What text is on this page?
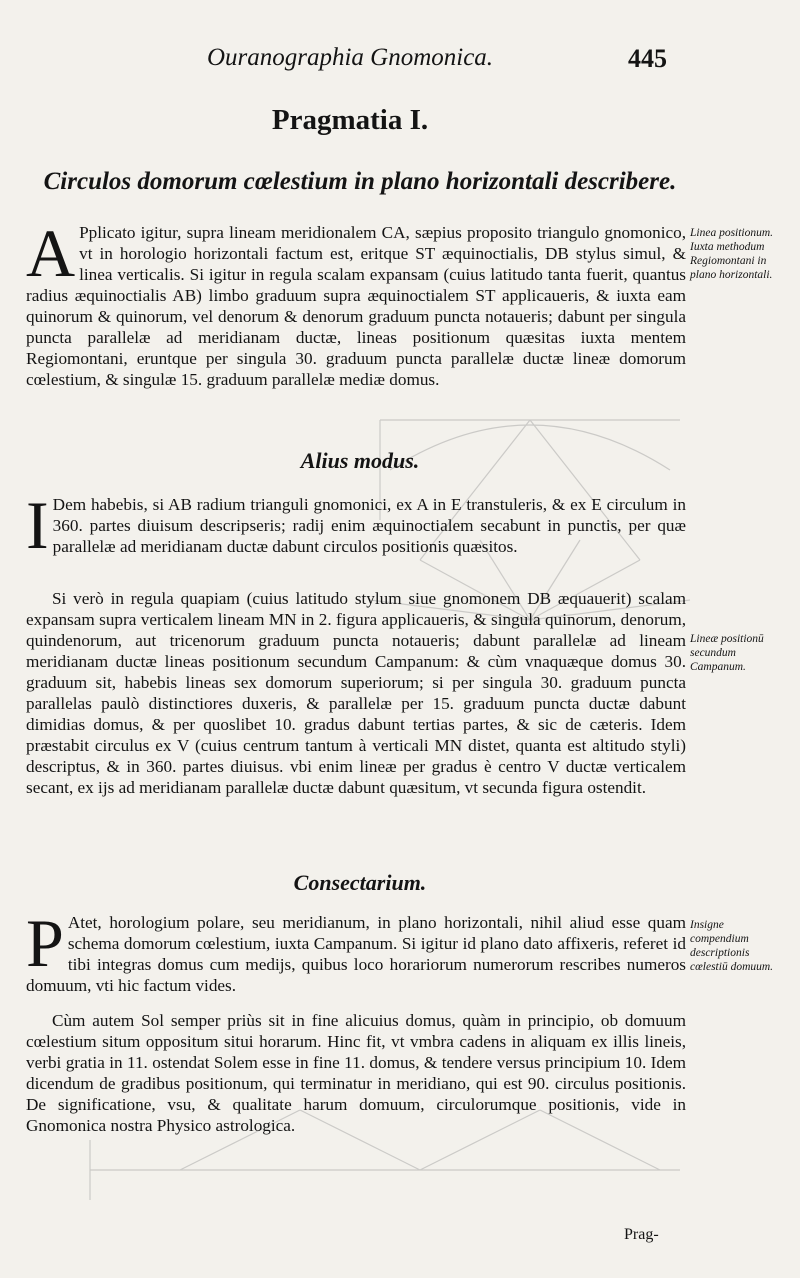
Ouranographia Gnomonica.	445
Pragmatia I.
Circulos domorum cœlestium in plano horizontali describere.

A Pplicato igitur, supra lineam meridionalem CA, sæpius proposito triangulo gnomonico, vt in horologio horizontali factum est, eritque ST æquinoctialis, DB stylus simul, & linea verticalis. Si igitur in regula scalam expansam (cuius latitudo tanta fuerit, quantus radius æquinoctialis AB) limbo graduum supra æquinoctialem ST applicaueris, & iuxta eam quinorum & quinorum, vel denorum & denorum graduum puncta notaueris; dabunt per singula puncta parallelæ ad meridianam ductæ, lineas positionum quæsitas iuxta mentem Regiomontani, eruntque per singula 30. graduum puncta parallelæ ductæ lineæ domorum cœlestium, & singulæ 15. graduum parallelæ mediæ domus.

Alius modus.

I Dem habebis, si AB radium trianguli gnomonici, ex A in E transtuleris, & ex E circulum in 360. partes diuisum descripseris; radij enim æquinoctialem secabunt in punctis, per quæ parallelæ ad meridianam ductæ dabunt circulos positionis quæsitos.

Si verò in regula quapiam (cuius latitudo stylum siue gnomonem DB æquauerit) scalam expansam supra verticalem lineam MN in 2. figura applicaueris, & singula quinorum, denorum, quindenorum, aut tricenorum graduum puncta notaueris; dabunt parallelæ ad lineam meridianam ductæ lineas positionum secundum Campanum: & cùm vnaquæque domus 30. graduum sit, habebis lineas sex domorum superiorum; si per singula 30. graduum puncta parallelas paulò distinctiores duxeris, & parallelæ per 15. graduum puncta ductæ dabunt dimidias domus, & per quoslibet 10. gradus dabunt tertias partes, & sic de cæteris. Idem præstabit circulus ex V (cuius centrum tantum à verticali MN distet, quanta est altitudo styli) descriptus, & in 360. partes diuisus. vbi enim lineæ per gradus è centro V ductæ verticalem secant, ex ijs ad meridianam parallelæ ductæ dabunt quæsitum, vt secunda figura ostendit.

Consectarium.

P Atet, horologium polare, seu meridianum, in plano horizontali, nihil aliud esse quam schema domorum cœlestium, iuxta Campanum. Si igitur id plano dato affixeris, referet id tibi integras domus cum medijs, quibus loco horariorum numerorum rescribes numeros domuum, vti hic factum vides.

Cùm autem Sol semper priùs sit in fine alicuius domus, quàm in principio, ob domuum cœlestium situm oppositum situi horarum. Hinc fit, vt vmbra cadens in aliquam ex illis lineis, verbi gratia in 11. ostendat Solem esse in fine 11. domus, & tendere versus principium 10. Idem dicendum de gradibus positionum, qui terminatur in meridiano, qui est 90. circulus positionis. De significatione, vsu, & qualitate harum domuum, circulorumque positionis, vide in Gnomonica nostra Physico astrologica.

Linea positionum. Iuxta methodum Regiomontani in plano horizontali.
Lineæ positionū secundum Campanum.
Insigne compendium descriptionis cœlestiū domuum.
Prag-
